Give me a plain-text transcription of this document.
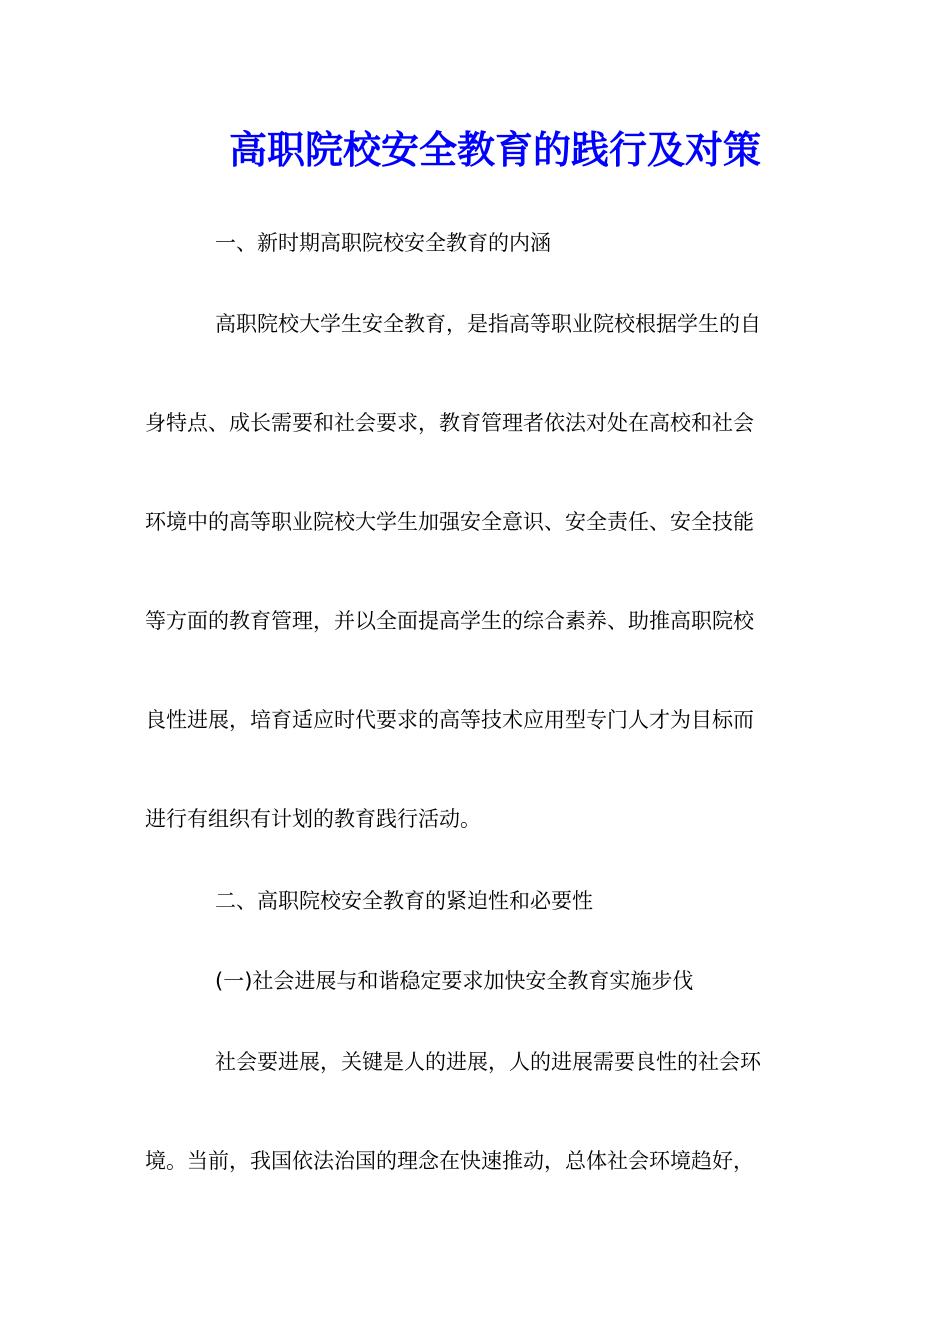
高职院校安全教育的践行及对策
一、新时期高职院校安全教育的内涵
高职院校大学生安全教育，是指高等职业院校根据学生的自
身特点、成长需要和社会要求，教育管理者依法对处在高校和社会
环境中的高等职业院校大学生加强安全意识、安全责任、安全技能
等方面的教育管理，并以全面提高学生的综合素养、助推高职院校
良性进展，培育适应时代要求的高等技术应用型专门人才为目标而
进行有组织有计划的教育践行活动。
二、高职院校安全教育的紧迫性和必要性
(一)社会进展与和谐稳定要求加快安全教育实施步伐
社会要进展，关键是人的进展，人的进展需要良性的社会环
境。当前，我国依法治国的理念在快速推动，总体社会环境趋好，
